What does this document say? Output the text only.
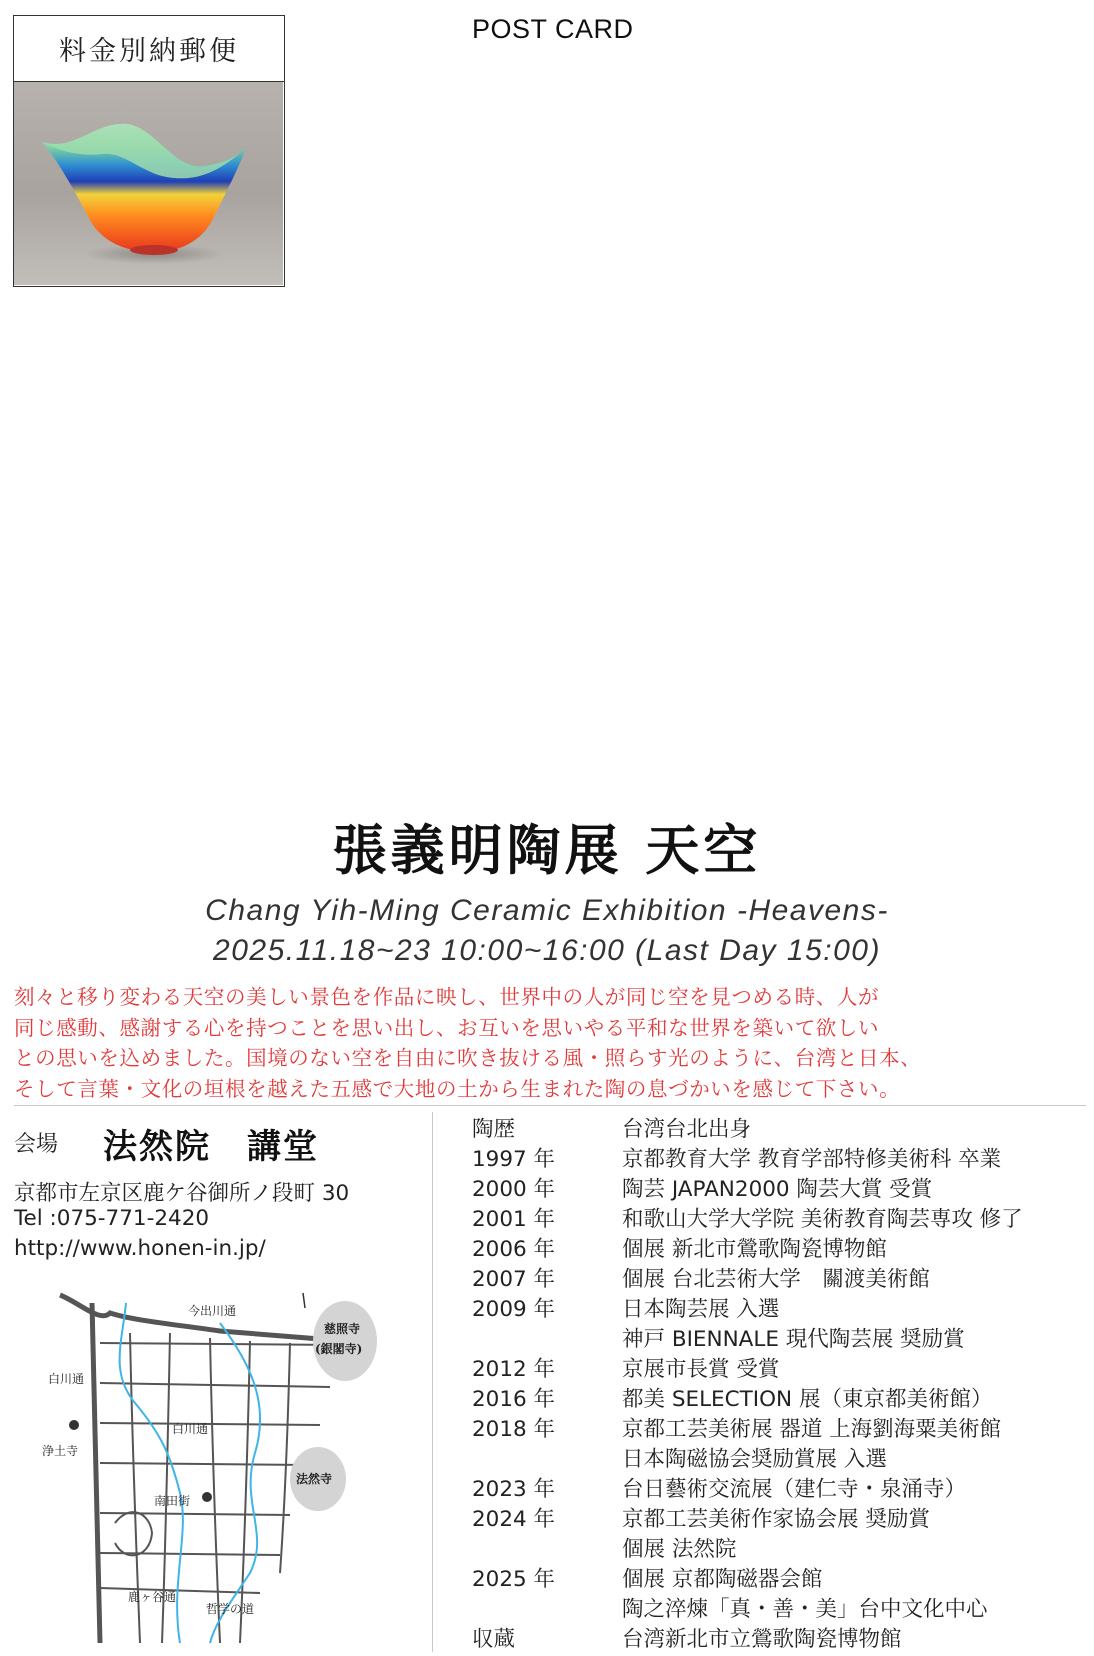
料金別納郵便
POST CARD
張義明陶展 天空
Chang Yih-Ming Ceramic Exhibition -Heavens-
2025.11.18~23 10:00~16:00 (Last Day 15:00)
刻々と移り変わる天空の美しい景色を作品に映し、世界中の人が同じ空を見つめる時、人が
同じ感動、感謝する心を持つことを思い出し、お互いを思いやる平和な世界を築いて欲しい
との思いを込めました。国境のない空を自由に吹き抜ける風・照らす光のように、台湾と日本、
そして言葉・文化の垣根を越えた五感で大地の土から生まれた陶の息づかいを感じて下さい。
会場 法然院　講堂
京都市左京区鹿ケ谷御所ノ段町 30
Tel :075-771-2420
http://www.honen-in.jp/
今出川通
慈照寺
(銀閣寺)
白川通
白川通
浄土寺
南田街
法然寺
鹿ヶ谷通
哲学の道
陶歴	台湾台北出身
1997 年	京都教育大学 教育学部特修美術科 卒業
2000 年	陶芸 JAPAN2000 陶芸大賞 受賞
2001 年	和歌山大学大学院 美術教育陶芸専攻 修了
2006 年	個展 新北市鶯歌陶瓷博物館
2007 年	個展 台北芸術大学　關渡美術館
2009 年	日本陶芸展 入選
神戸 BIENNALE 現代陶芸展 奨励賞
2012 年	京展市長賞 受賞
2016 年	都美 SELECTION 展（東京都美術館）
2018 年	京都工芸美術展 器道 上海劉海粟美術館
日本陶磁協会奨励賞展 入選
2023 年	台日藝術交流展（建仁寺・泉涌寺）
2024 年	京都工芸美術作家協会展 奨励賞
個展 法然院
2025 年	個展 京都陶磁器会館
陶之淬煉「真・善・美」台中文化中心
収蔵	台湾新北市立鶯歌陶瓷博物館
